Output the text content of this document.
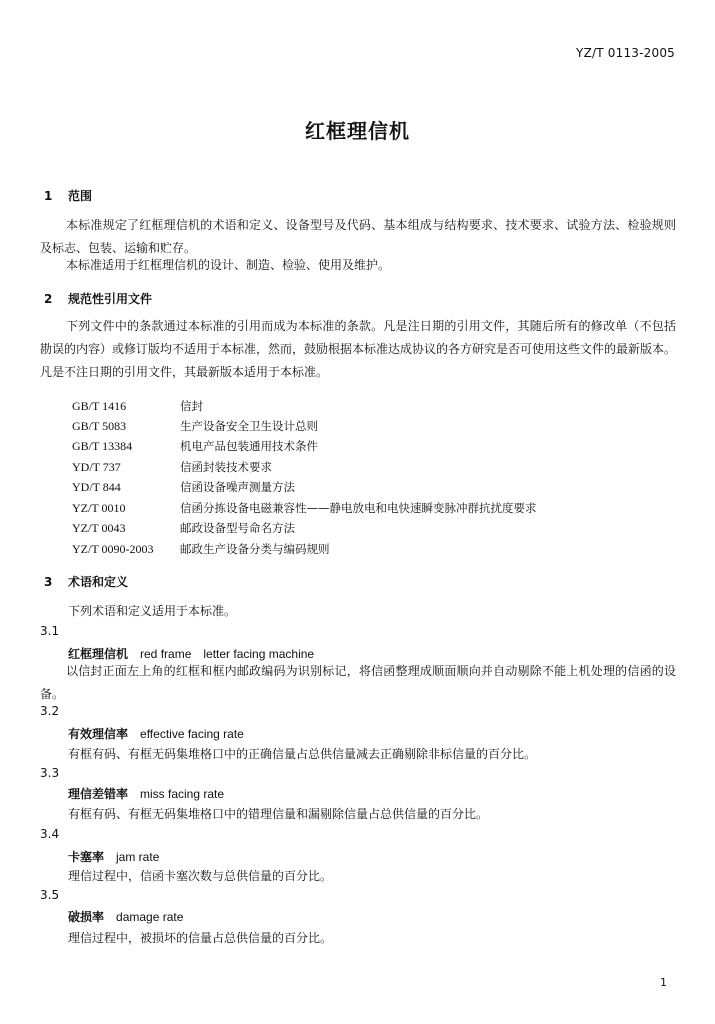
YZ/T 0113-2005
红框理信机
1 范围
本标准规定了红框理信机的术语和定义、设备型号及代码、基本组成与结构要求、技术要求、试验方法、检验规则及标志、包装、运输和贮存。
本标准适用于红框理信机的设计、制造、检验、使用及维护。
2 规范性引用文件
下列文件中的条款通过本标准的引用而成为本标准的条款。凡是注日期的引用文件，其随后所有的修改单（不包括勘误的内容）或修订版均不适用于本标准，然而，鼓励根据本标准达成协议的各方研究是否可使用这些文件的最新版本。凡是不注日期的引用文件，其最新版本适用于本标准。
GB/T 1416	信封
GB/T 5083	生产设备安全卫生设计总则
GB/T 13384	机电产品包装通用技术条件
YD/T 737	信函封装技术要求
YD/T 844	信函设备噪声测量方法
YZ/T 0010	信函分拣设备电磁兼容性——静电放电和电快速瞬变脉冲群抗扰度要求
YZ/T 0043	邮政设备型号命名方法
YZ/T 0090-2003 邮政生产设备分类与编码规则
3 术语和定义
下列术语和定义适用于本标准。
3.1
红框理信机 red frame　letter facing machine
以信封正面左上角的红框和框内邮政编码为识别标记，将信函整理成顺面顺向并自动剔除不能上机处理的信函的设备。
3.2
有效理信率 effective facing rate
有框有码、有框无码集堆格口中的正确信量占总供信量减去正确剔除非标信量的百分比。
3.3
理信差错率 miss facing rate
有框有码、有框无码集堆格口中的错理信量和漏剔除信量占总供信量的百分比。
3.4
卡塞率 jam rate
理信过程中，信函卡塞次数与总供信量的百分比。
3.5
破损率 damage rate
理信过程中，被损坏的信量占总供信量的百分比。
1
